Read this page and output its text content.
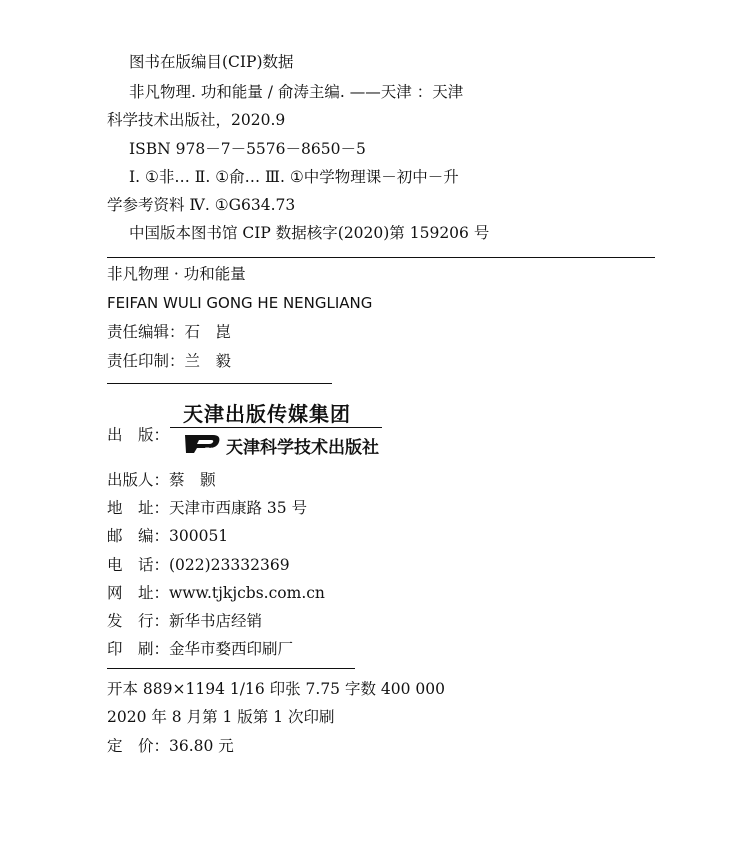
图书在版编目(CIP)数据
非凡物理. 功和能量 / 俞涛主编. ——天津 ：天津
科学技术出版社，2020.9
ISBN 978－7－5576－8650－5
Ⅰ. ①非… Ⅱ. ①俞… Ⅲ. ①中学物理课－初中－升
学参考资料 Ⅳ. ①G634.73
中国版本图书馆 CIP 数据核字(2020)第 159206 号
非凡物理 · 功和能量
FEIFAN WULI GONG HE NENGLIANG
责任编辑：石　崑
责任印制：兰　毅
出　版：
天津出版传媒集团
TJKJ 天津科学技术出版社
出版人：蔡　颢
地　址：天津市西康路 35 号
邮　编：300051
电　话：(022)23332369
网　址：www.tjkjcbs.com.cn
发　行：新华书店经销
印　刷：金华市婺西印刷厂
开本 889×1194 1/16 印张 7.75 字数 400 000
2020 年 8 月第 1 版第 1 次印刷
定　价：36.80 元
